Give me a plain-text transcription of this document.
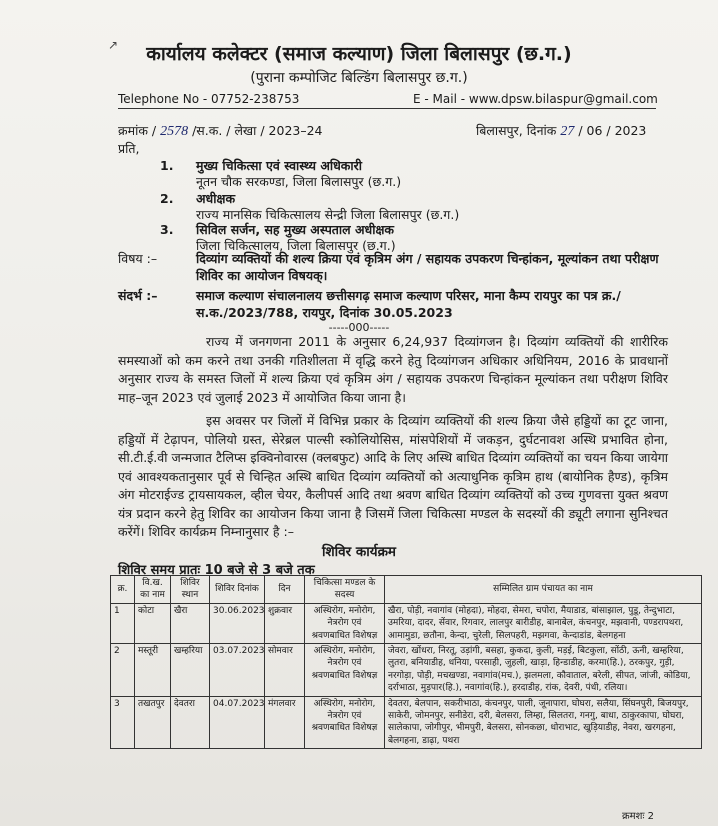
↗	कार्यालय कलेक्टर (समाज कल्याण) जिला बिलासपुर (छ.ग.)
(पुराना कम्पोजिट बिल्डिंग बिलासपुर छ.ग.)
Telephone No - 07752-238753	E - Mail - www.dpsw.bilaspur@gmail.com
क्रमांक / 2578 /स.क. / लेखा / 2023–24	बिलासपुर, दिनांक 27 / 06 / 2023
प्रति,
1. मुख्य चिकित्सा एवं स्वास्थ्य अधिकारी
नूतन चौक सरकण्डा, जिला बिलासपुर (छ.ग.)
2. अधीक्षक
राज्य मानसिक चिकित्सालय सेन्द्री जिला बिलासपुर (छ.ग.)
3. सिविल सर्जन, सह मुख्य अस्पताल अधीक्षक
जिला चिकित्सालय, जिला बिलासपुर (छ.ग.)
विषय :–	दिव्यांग व्यक्तियों की शल्य क्रिया एवं कृत्रिम अंग / सहायक उपकरण चिन्हांकन, मूल्यांकन तथा परीक्षण शिविर का आयोजन विषयक्।
संदर्भ :–	समाज कल्याण संचालनालय छत्तीसगढ़ समाज कल्याण परिसर, माना कैम्प रायपुर का पत्र क्र./स.क./2023/788, रायपुर, दिनांक 30.05.2023
-----000-----
राज्य में जनगणना 2011 के अनुसार 6,24,937 दिव्यांगजन है। दिव्यांग व्यक्तियों की शारीरिक समस्याओं को कम करने तथा उनकी गतिशीलता में वृद्धि करने हेतु दिव्यांगजन अधिकार अधिनियम, 2016 के प्रावधानों अनुसार राज्य के समस्त जिलों में शल्य क्रिया एवं कृत्रिम अंग / सहायक उपकरण चिन्हांकन मूल्यांकन तथा परीक्षण शिविर माह–जून 2023 एवं जुलाई 2023 में आयोजित किया जाना है।
इस अवसर पर जिलों में विभिन्न प्रकार के दिव्यांग व्यक्तियों की शल्य क्रिया जैसे हड्डियों का टूट जाना, हड्डियों में टेढ़ापन, पोलियो ग्रस्त, सेरेब्रल पाल्सी स्कोलियोसिस, मांसपेशियों में जकड़न, दुर्घटनावश अस्थि प्रभावित होना, सी.टी.ई.वी जन्मजात टैलिप्स इक्विनोवारस (क्लबफुट) आदि के लिए अस्थि बाधित दिव्यांग व्यक्तियों का चयन किया जायेगा एवं आवश्यकतानुसार पूर्व से चिन्हित अस्थि बाधित दिव्यांग व्यक्तियों को अत्याधुनिक कृत्रिम हाथ (बायोनिक हैण्ड), कृत्रिम अंग मोटराईज्ड ट्रायसायकल, व्हील चेयर, कैलीपर्स आदि तथा श्रवण बाधित दिव्यांग व्यक्तियों को उच्च गुणवत्ता युक्त श्रवण यंत्र प्रदान करने हेतु शिविर का आयोजन किया जाना है जिसमें जिला चिकित्सा मण्डल के सदस्यों की ड्यूटी लगाना सुनिश्चत करेंगें। शिविर कार्यक्रम निम्नानुसार है :–
शिविर कार्यक्रम
शिविर समय प्रातः 10 बजे से 3 बजे तक
क्र.	वि.ख. का नाम	शिविर स्थान	शिविर दिनांक	दिन	चिकित्सा मण्डल के सदस्य	सम्मिलित ग्राम पंचायत का नाम
1	कोटा	खैरा	30.06.2023	शुक्रवार	अस्थिरोग, मनोरोग, नेत्ररोग एवं श्रवणबाधित विशेषज्ञ	खैरा, पोड़ी, नवागांव (मोहदा), मोहदा, सेमरा, चपोरा, मैयाडाड, बांसाझाल, पुडू, तेन्दुभाटा, उमरिया, दादर, सेंवार, रिगवार, लालपुर बारीडीह, बानाबेल, कंचनपुर, मझवानी, पण्डरापथरा, आमामुडा, छतौना, केन्दा, चुरेली, सिलपहरी, मझगवा, केन्दाडांड, बेलगहना
2	मस्तूरी	खम्हरिया	03.07.2023	सोमवार	अस्थिरोग, मनोरोग, नेत्ररोग एवं श्रवणबाधित विशेषज्ञ	जेवरा, खोंधरा, निरतू, उड़ांगी, बसहा, कुकदा, कुली, मड़ई, बिटकुला, सोंठी, ऊनी, खम्हरिया, लुतरा, बनियाडीह, धनिया, परसाही, जुहली, खाड़ा, हिन्डाडीह, करमा(हि.), ठरकपुर, गुड़ी, नरगोड़ा, पोड़ी, मचखण्डा, नवागांव(मच.), झलमला, कौवाताल, बरेली, सीपत, जांजी, कोडिया, दर्राभाठा, मुड़पार(हि.), नवागांव(हि.), हरदाडीह, रांक, देवरी, पंधी, रलिया।
3	तखतपुर	देवतरा	04.07.2023	मंगलवार	अस्थिरोग, मनोरोग, नेत्ररोग एवं श्रवणबाधित विशेषज्ञ	देवतरा, बेलपान, सकरीभाठा, कंचनपुर, पाली, जूनापारा, घोघरा, सलैया, सिंघनपुरी, बिजयपुर, साकेरी, जोमनपुर, सनीडेरा, दरी, बेलसरा, लिम्हा, सिलतरा, गनगु, बाधा, ठाकुरकापा, घोघरा, सालेकापा, जोगीपुर, भीमपुरी, बेलसरा, सोनकछा, धोराभाट, खुड़ियाडीह, नेवरा, खरगहना, बेलगहना, डाढ़ा, पथरा
क्रमशः 2
